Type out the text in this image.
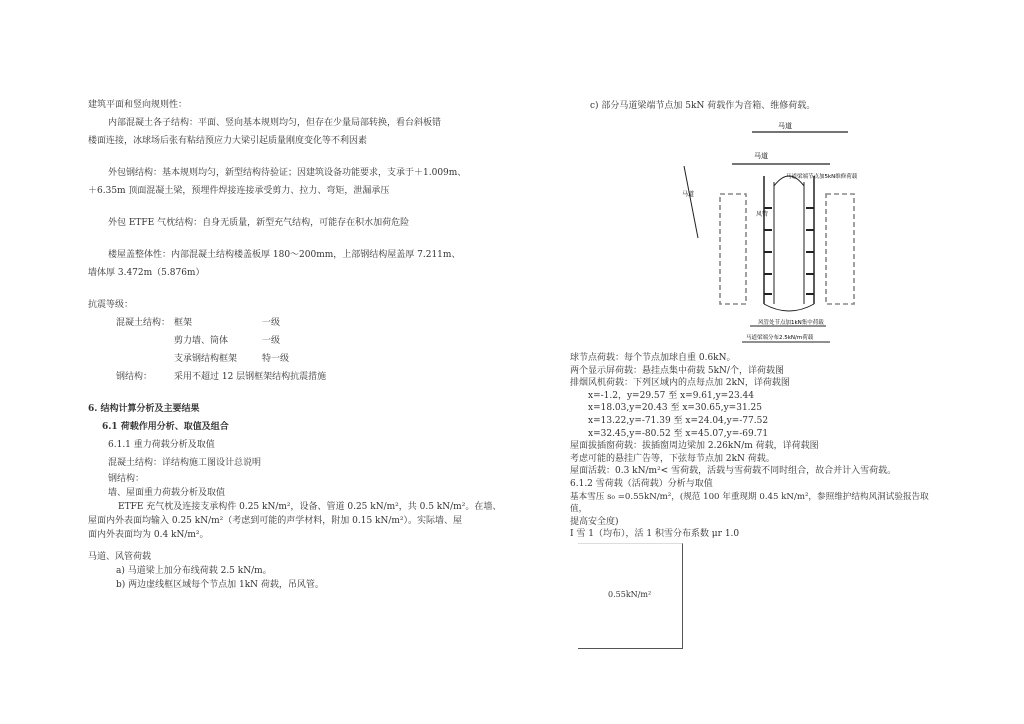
建筑平面和竖向规则性：

内部混凝土各子结构：平面、竖向基本规则均匀，但存在少量局部转换，看台斜板错

楼面连接，冰球场后张有粘结预应力大梁引起质量刚度变化等不利因素

外包钢结构：基本规则均匀，新型结构待验证；因建筑设备功能要求，支承于＋1.009m、

＋6.35m 顶面混凝土梁，预埋件焊接连接承受剪力、拉力、弯矩，泄漏承压

外包 ETFE 气枕结构：自身无质量，新型充气结构，可能存在积水加荷危险

楼屋盖整体性：内部混凝土结构楼盖板厚 180～200mm，上部钢结构屋盖厚 7.211m、

墙体厚 3.472m（5.876m）

抗震等级：

混凝土结构： 框架	一级
剪力墙、筒体	一级
支承钢结构框架	特一级
钢结构：	采用不超过 12 层钢框架结构抗震措施

6. 结构计算分析及主要结果

6.1 荷载作用分析、取值及组合

6.1.1 重力荷载分析及取值

混凝土结构：详结构施工图设计总说明

钢结构：

墙、屋面重力荷载分析及取值

ETFE 充气枕及连接支承构件 0.25 kN/m²，设备、管道 0.25 kN/m²，共 0.5 kN/m²。在墙、

屋面内外表面均输入 0.25 kN/m²（考虑到可能的声学材料，附加 0.15 kN/m²）。实际墙、屋

面内外表面均为 0.4 kN/m²。

马道、风管荷载

a) 马道梁上加分布线荷载 2.5 kN/m。

b) 两边虚线框区域每个节点加 1kN 荷载，吊风管。

c) 部分马道梁端节点加 5kN 荷载作为音箱、维修荷载。
马道
马道
马道梁端节点加5kN维修荷载
马道
风管
风管处节点加1kN集中荷载
马道梁端分布2.5kN/m荷载

球节点荷载：每个节点加球自重 0.6kN。

两个显示屏荷载：悬挂点集中荷载 5kN/个，详荷载图

排烟风机荷载：下列区域内的点每点加 2kN，详荷载图

x=-1.2，y=29.57 至 x=9.61,y=23.44

x=18.03,y=20.43 至 x=30.65,y=31.25

x=13.22,y=-71.39 至 x=24.04,y=-77.52

x=32.45,y=-80.52 至 x=45.07,y=-69.71

屋面拔插窗荷载：拔插窗周边梁加 2.26kN/m 荷载，详荷载图

考虑可能的悬挂广告等，下弦每节点加 2kN 荷载。

屋面活载：0.3 kN/m²< 雪荷载，活载与雪荷载不同时组合，故合并计入雪荷载。

6.1.2 雪荷载（活荷载）分析与取值

基本雪压 s₀ =0.55kN/m²，(规范 100 年重现期 0.45 kN/m²，参照维护结构风洞试验报告取值，

提高安全度)

I 雪 1（均布），活 1 积雪分布系数 μr 1.0

0.55kN/m²
